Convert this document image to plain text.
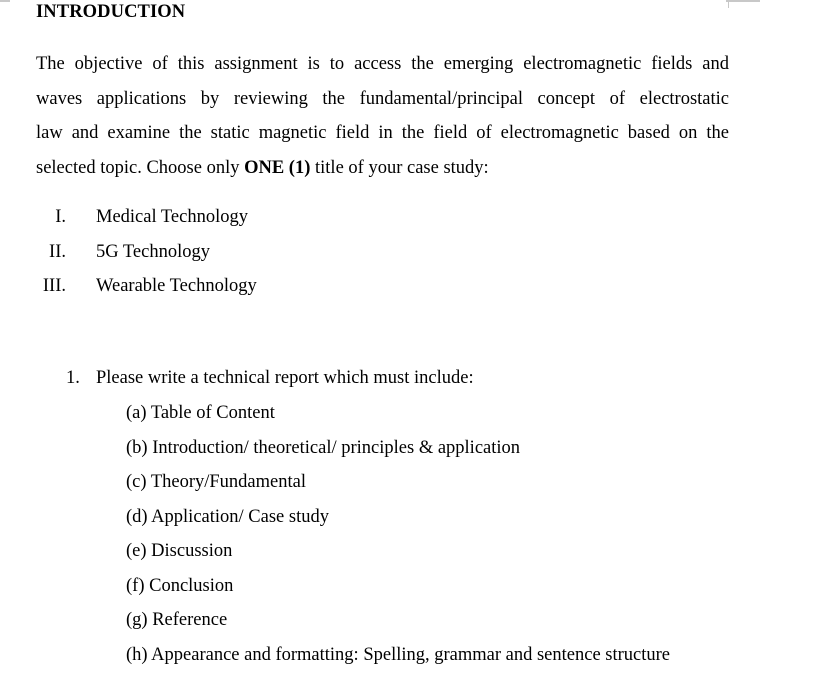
INTRODUCTION

The objective of this assignment is to access the emerging electromagnetic fields and
waves applications by reviewing the fundamental/principal concept of electrostatic
law and examine the static magnetic field in the field of electromagnetic based on the
selected topic. Choose only ONE (1) title of your case study:

I. Medical Technology
II. 5G Technology
III. Wearable Technology
1. Please write a technical report which must include:
(a) Table of Content
(b) Introduction/ theoretical/ principles & application
(c) Theory/Fundamental
(d) Application/ Case study
(e) Discussion
(f) Conclusion
(g) Reference
(h) Appearance and formatting: Spelling, grammar and sentence structure
